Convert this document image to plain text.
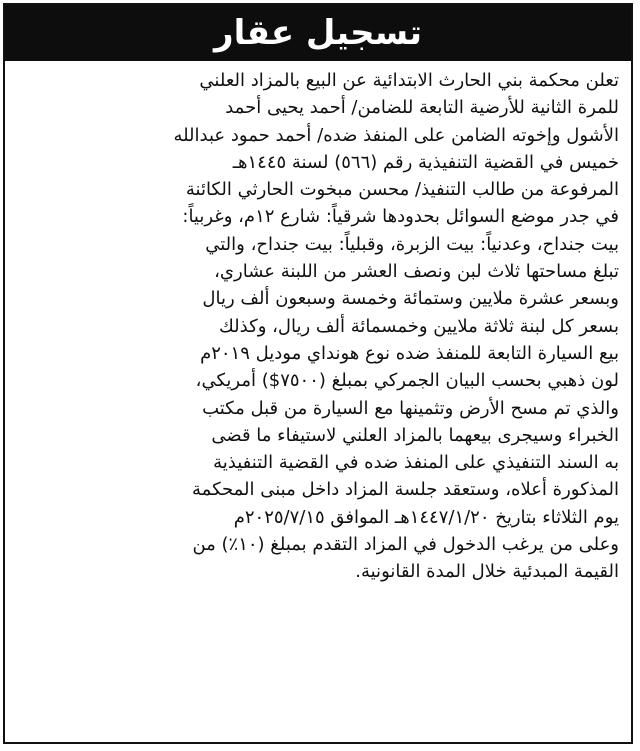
تسجيل عقار
تعلن محكمة بني الحارث الابتدائية عن البيع بالمزاد العلني
للمرة الثانية للأرضية التابعة للضامن/ أحمد يحيى أحمد
الأشول وإخوته الضامن على المنفذ ضده/ أحمد حمود عبدالله
خميس في القضية التنفيذية رقم (٥٦٦) لسنة ١٤٤٥هـ
المرفوعة من طالب التنفيذ/ محسن مبخوت الحارثي الكائنة
في جدر موضع السوائل بحدودها شرقياً: شارع ١٢م، وغربياً:
بيت جنداح، وعدنياً: بيت الزبرة، وقبلياً: بيت جنداح، والتي
تبلغ مساحتها ثلاث لبن ونصف العشر من اللبنة عشاري،
وبسعر عشرة ملايين وستمائة وخمسة وسبعون ألف ريال
بسعر كل لبنة ثلاثة ملايين وخمسمائة ألف ريال، وكذلك
بيع السيارة التابعة للمنفذ ضده نوع هونداي موديل ٢٠١٩م
لون ذهبي بحسب البيان الجمركي بمبلغ (٧٥٠٠$) أمريكي،
والذي تم مسح الأرض وتثمينها مع السيارة من قبل مكتب
الخبراء وسيجرى بيعهما بالمزاد العلني لاستيفاء ما قضى
به السند التنفيذي على المنفذ ضده في القضية التنفيذية
المذكورة أعلاه، وستعقد جلسة المزاد داخل مبنى المحكمة
يوم الثلاثاء بتاريخ ١٤٤٧/١/٢٠هـ الموافق ٢٠٢٥/٧/١٥م
وعلى من يرغب الدخول في المزاد التقدم بمبلغ (١٠٪) من
القيمة المبدئية خلال المدة القانونية.
